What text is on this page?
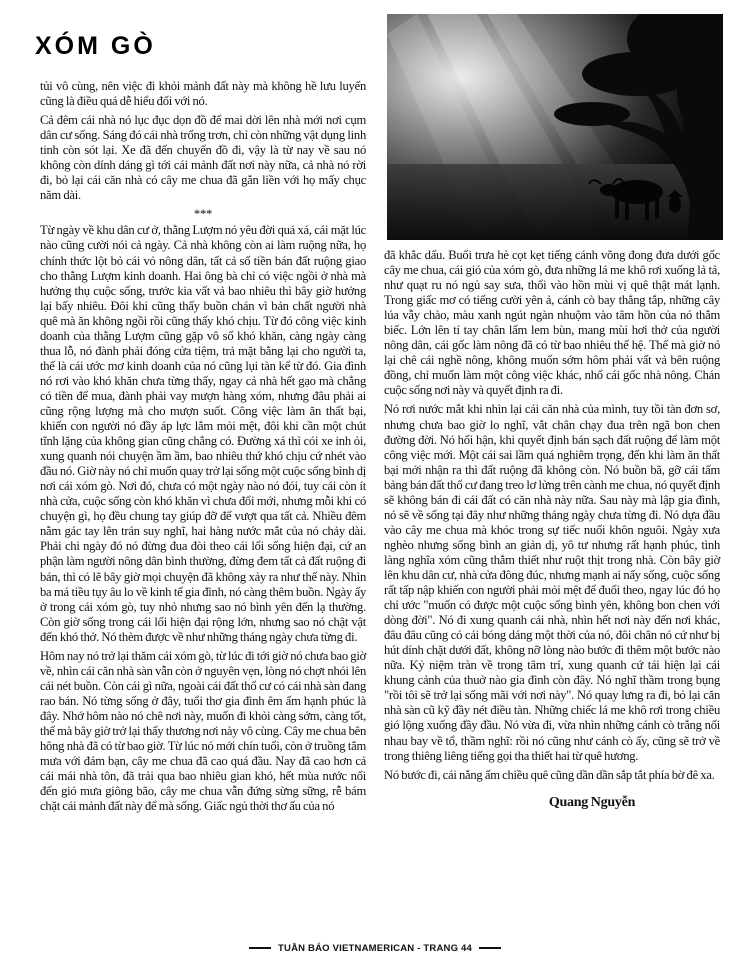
XÓM GÒ

tủi vô cùng, nên việc đi khỏi mảnh đất này mà không hề lưu luyến cũng là điều quá dễ hiểu đối với nó.

Cả đêm cái nhà nó lục đục dọn đồ để mai dời lên nhà mới nơi cụm dân cư sống. Sáng đó cái nhà trống trơn, chỉ còn những vật dụng linh tinh còn sót lại. Xe đã đến chuyển đồ đi, vậy là từ nay về sau nó không còn dính dáng gì tới cái mảnh đất nơi này nữa, cả nhà nó rời đi, bỏ lại cái căn nhà có cây me chua đã gắn liền với họ mấy chục năm dài.

***

Từ ngày về khu dân cư ở, thằng Lượm nó yêu đời quá xá, cái mặt lúc nào cũng cười nói cả ngày. Cả nhà không còn ai làm ruộng nữa, họ chính thức lột bỏ cái vỏ nông dân, tất cả số tiền bán đất ruộng giao cho thằng Lượm kinh doanh. Hai ông bà chỉ có việc ngồi ở nhà mà hưởng thụ cuộc sống, trước kia vất vả bao nhiêu thì bây giờ hưởng lại bấy nhiêu. Đôi khi cũng thấy buồn chán vì bản chất người nhà quê mà ăn không ngồi rồi cũng thấy khó chịu. Từ đó công việc kinh doanh của thằng Lượm cũng gặp vô số khó khăn, càng ngày càng thua lỗ, nó đành phải đóng cửa tiệm, trả mặt bằng lại cho người ta, thế là cái ước mơ kinh doanh của nó cũng lụi tàn kể từ đó. Gia đình nó rơi vào khó khăn chưa từng thấy, ngay cả nhà hết gạo mà chẳng có tiền để mua, đành phải vay mượn hàng xóm, nhưng đâu phải ai cũng rộng lượng mà cho mượn suốt. Công việc làm ăn thất bại, khiến con người nó đầy áp lực lắm mỏi mệt, đôi khi cần một chút tĩnh lặng của không gian cũng chẳng có. Đường xá thì cói xe inh ỏi, xung quanh nói chuyện ầm ầm, bao nhiêu thứ khó chịu cứ nhét vào đầu nó. Giờ này nó chỉ muốn quay trở lại sống một cuộc sống bình dị nơi cái xóm gò. Nơi đó, chưa có một ngày nào nó đói, tuy cái còn ít nhà cửa, cuộc sống còn khó khăn vì chưa đổi mới, nhưng mỗi khi có chuyện gì, họ đều chung tay giúp đỡ để vượt qua tất cả. Nhiều đêm nằm gác tay lên trán suy nghĩ, hai hàng nước mắt của nó chảy dài. Phải chi ngày đó nó đừng đua đòi theo cái lối sống hiện đại, cứ an phận làm người nông dân bình thường, đừng đem tất cả đất ruộng đi bán, thì có lẽ bây giờ mọi chuyện đã không xảy ra như thế này. Nhìn ba má tiều tụy âu lo về kinh tế gia đình, nó càng thêm buồn. Ngày ấy ở trong cái xóm gò, tuy nhỏ nhưng sao nó bình yên đến lạ thường. Còn giờ sống trong cái lối hiện đại rộng lớn, nhưng sao nó chật vật đến khó thở. Nó thèm được về như những tháng ngày chưa từng đi.

Hôm nay nó trở lại thăm cái xóm gò, từ lúc đi tới giờ nó chưa bao giờ về, nhìn cái căn nhà sàn vẫn còn ở nguyên vẹn, lòng nó chợt nhói lên cái nét buồn. Còn cái gì nữa, ngoài cái đất thổ cư có cái nhà sàn đang rao bán. Nó từng sống ở đây, tuổi thơ gia đình êm ấm hạnh phúc là đây. Nhớ hôm nào nó chê nơi này, muốn đi khỏi càng sớm, càng tốt, thế mà bây giờ trở lại thấy thương nơi này vô cùng. Cây me chua bên hông nhà đã có từ bao giờ. Từ lúc nó mới chín tuổi, còn ở truồng tắm mưa với đám bạn, cây me chua đã cao quá đầu. Nay đã cao hơn cả cái mái nhà tôn, đã trải qua bao nhiêu gian khó, hết mùa nước nổi đến gió mưa giông bão, cây me chua vẫn đứng sừng sững, rễ bám chặt cái mảnh đất này để mà sống. Giấc ngủ thời thơ ấu của nó

đã khắc dấu. Buổi trưa hè cọt kẹt tiếng cánh võng đong đưa dưới gốc cây me chua, cái gió của xóm gò, đưa những lá me khô rơi xuống lả tả, như quạt ru nó ngủ say sưa, thổi vào hồn mùi vị quê thật mát lạnh. Trong giấc mơ có tiếng cười yên ả, cánh cò bay thẳng tắp, những cây lúa vẫy chào, màu xanh ngút ngàn nhuộm vào tâm hồn của nó thắm biếc. Lớn lên tí tay chân lấm lem bùn, mang mùi hơi thở của người nông dân, cái gốc làm nông đã có từ bao nhiêu thế hệ. Thế mà giờ nó lại chê cái nghề nông, không muốn sớm hôm phải vất vả bên ruộng đồng, chỉ muốn làm một công việc khác, nhổ cái gốc nhà nông. Chán cuộc sống nơi này và quyết định ra đi.

Nó rơi nước mắt khi nhìn lại cái căn nhà của mình, tuy tồi tàn đơn sơ, nhưng chưa bao giờ lo nghĩ, vắt chân chạy đua trên ngã bon chen đường đời. Nó hối hận, khi quyết định bán sạch đất ruộng để làm một công việc mới. Một cái sai lầm quá nghiêm trọng, đến khi làm ăn thất bại mới nhận ra thì đất ruộng đã không còn. Nó buồn bã, gỡ cái tấm bảng bán đất thổ cư đang treo lơ lửng trên cành me chua, nó quyết định sẽ không bán đi cái đất có căn nhà này nữa. Sau này mà lập gia đình, nó sẽ về sống tại đây như những tháng ngày chưa từng đi. Nó dựa đầu vào cây me chua mà khóc trong sự tiếc nuối khôn nguôi. Ngày xưa nghèo nhưng sống bình an giản dị, yô tư nhưng rất hạnh phúc, tình làng nghĩa xóm cũng thắm thiết như ruột thịt trong nhà. Còn bây giờ lên khu dân cư, nhà cửa đông đúc, nhưng mạnh ai nấy sống, cuộc sống rất tấp nập khiến con người phải mỏi mệt để đuổi theo, ngay lúc đó họ chỉ ước "muốn có được một cuộc sống bình yên, không bon chen với dòng đời". Nó đi xung quanh cái nhà, nhìn hết nơi này đến nơi khác, đâu đâu cũng có cái bóng dáng một thời của nó, đôi chân nó cứ như bị hút dính chặt dưới đất, không nỡ lòng nào bước đi thêm một bước nào nữa. Kỷ niệm tràn về trong tâm trí, xung quanh cứ tái hiện lại cái khung cảnh của thuở nào gia đình còn đây. Nó nghĩ thầm trong bụng "rồi tôi sẽ trở lại sống mãi với nơi này". Nó quay lưng ra đi, bỏ lại căn nhà sàn cũ kỹ đầy nét điều tàn. Những chiếc lá me khô rơi trong chiều gió lộng xuống đầy đầu. Nó vừa đi, vừa nhìn những cánh cò trắng nối nhau bay về tổ, thầm nghĩ: rồi nó cũng như cánh cò ấy, cũng sẽ trở về trong thiêng liêng tiếng gọi tha thiết hai từ quê hương.

Nó bước đi, cái nắng ấm chiều quê cũng dần dần sắp tắt phía bờ đê xa.

Quang Nguyễn
TUẦN BÁO VIETNAMERICAN - TRANG 44
